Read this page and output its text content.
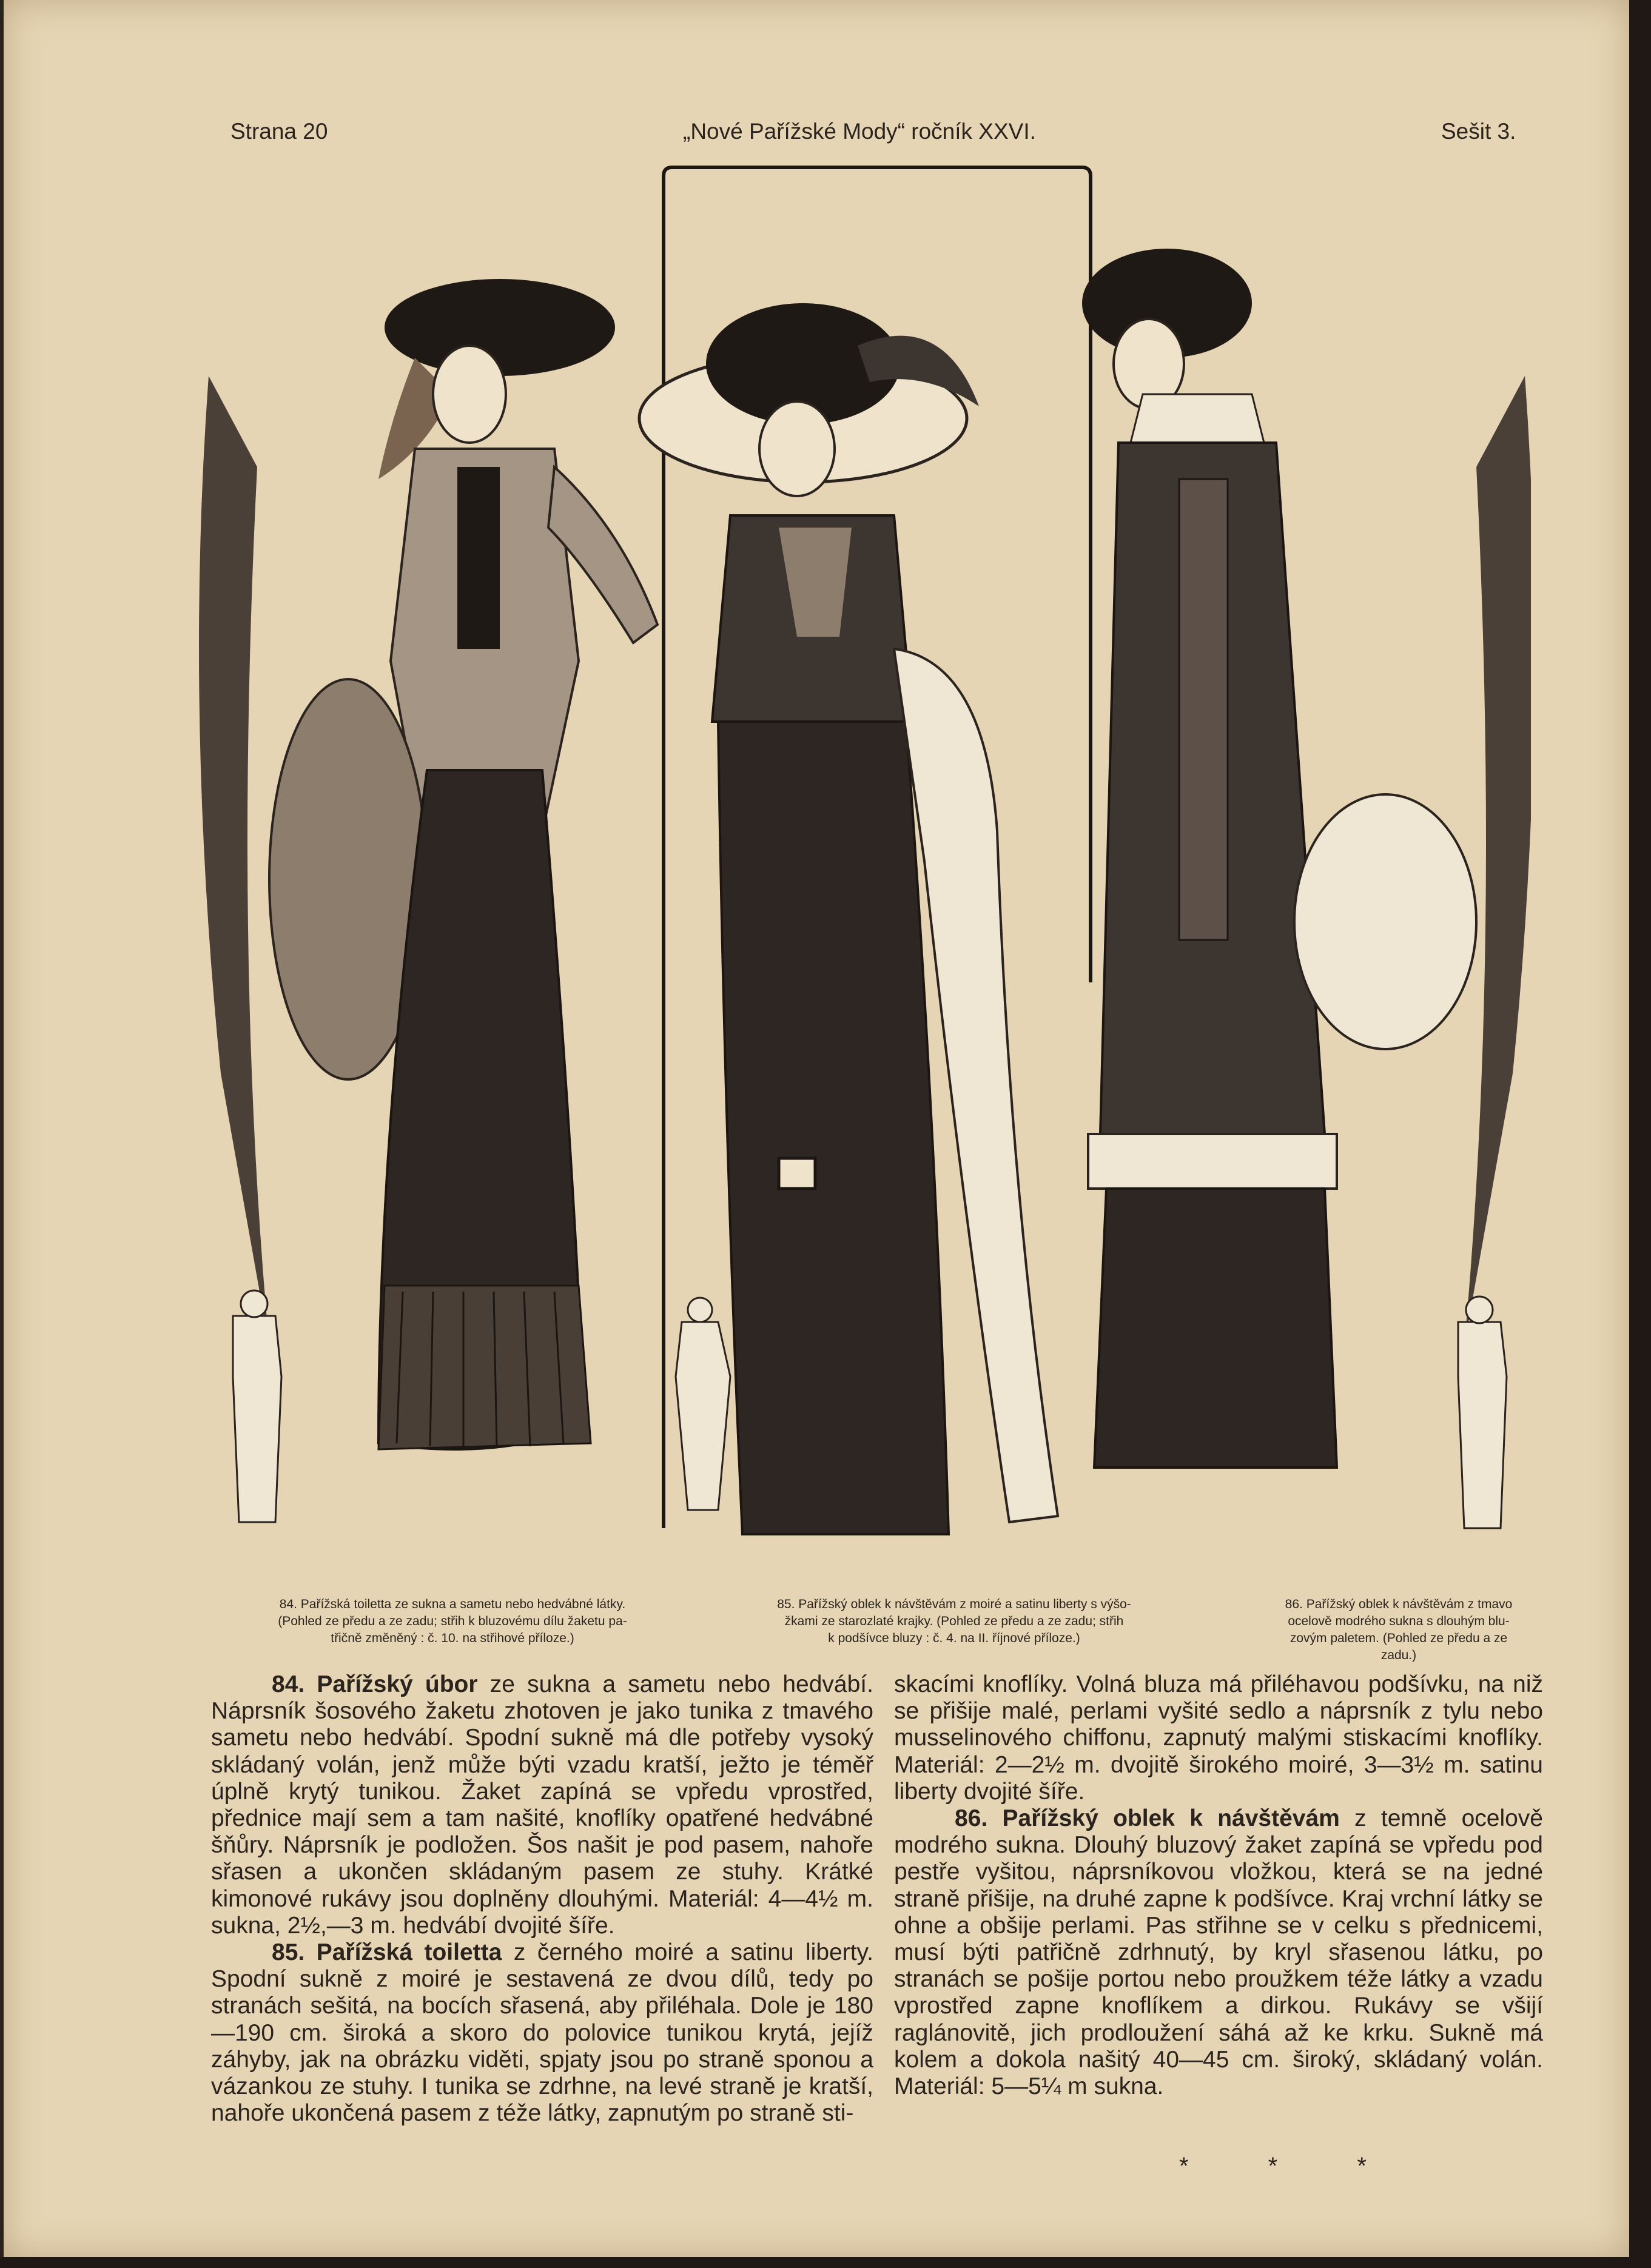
Strana 20	„Nové Pařížské Mody“ ročník XXVI.	Sešit 3.
84. Pařížská toiletta ze sukna a sametu nebo hedvábné látky.
(Pohled ze předu a ze zadu; střih k bluzovému dílu žaketu pa-
třičně změněný : č. 10. na střihové příloze.)
85. Pařížský oblek k návštěvám z moiré a satinu liberty s výšo-
žkami ze starozlaté krajky. (Pohled ze předu a ze zadu; střih
k podšívce bluzy : č. 4. na II. říjnové příloze.)
86. Pařížský oblek k návštěvám z tmavo
ocelově modrého sukna s dlouhým blu-
zovým paletem. (Pohled ze předu a ze
zadu.)

84. Pařížský úbor ze sukna a sametu nebo hedvábí. Náprsník šosového žaketu zhotoven je jako tunika z tmavého sametu nebo hedvábí. Spodní sukně má dle potřeby vysoký skládaný volán, jenž může býti vzadu kratší, ježto je téměř úplně krytý tunikou. Žaket zapíná se vpředu vprostřed, přednice mají sem a tam našité, knoflíky opatřené hedvábné šňůry. Náprsník je podložen. Šos našit je pod pasem, nahoře sřasen a ukončen skládaným pasem ze stuhy. Krátké kimonové rukávy jsou doplněny dlouhými. Materiál: 4—4½ m. sukna, 2½,—3 m. hedvábí dvojité šíře.

85. Pařížská toiletta z černého moiré a satinu liberty. Spodní sukně z moiré je sestavená ze dvou dílů, tedy po stranách sešitá, na bocích sřasená, aby přiléhala. Dole je 180—190 cm. široká a skoro do polovice tunikou krytá, jejíž záhyby, jak na obrázku viděti, spjaty jsou po straně sponou a vázankou ze stuhy. I tunika se zdrhne, na levé straně je kratší, nahoře ukončená pasem z téže látky, zapnutým po straně sti-

skacími knoflíky. Volná bluza má přiléhavou podšívku, na niž se přišije malé, perlami vyšité sedlo a náprsník z tylu nebo musselinového chiffonu, zapnutý malými stiskacími knoflíky. Materiál: 2—2½ m. dvojitě širokého moiré, 3—3½ m. satinu liberty dvojité šíře.

86. Pařížský oblek k návštěvám z temně ocelově modrého sukna. Dlouhý bluzový žaket zapíná se vpředu pod pestře vyšitou, náprsníkovou vložkou, která se na jedné straně přišije, na druhé zapne k podšívce. Kraj vrchní látky se ohne a obšije perlami. Pas střihne se v celku s přednicemi, musí býti patřičně zdrhnutý, by kryl sřasenou látku, po stranách se pošije portou nebo proužkem téže látky a vzadu vprostřed zapne knoflíkem a dirkou. Rukávy se všijí raglánovitě, jich prodloužení sáhá až ke krku. Sukně má kolem a dokola našitý 40—45 cm. široký, skládaný volán. Materiál: 5—5¼ m sukna.

* * *
